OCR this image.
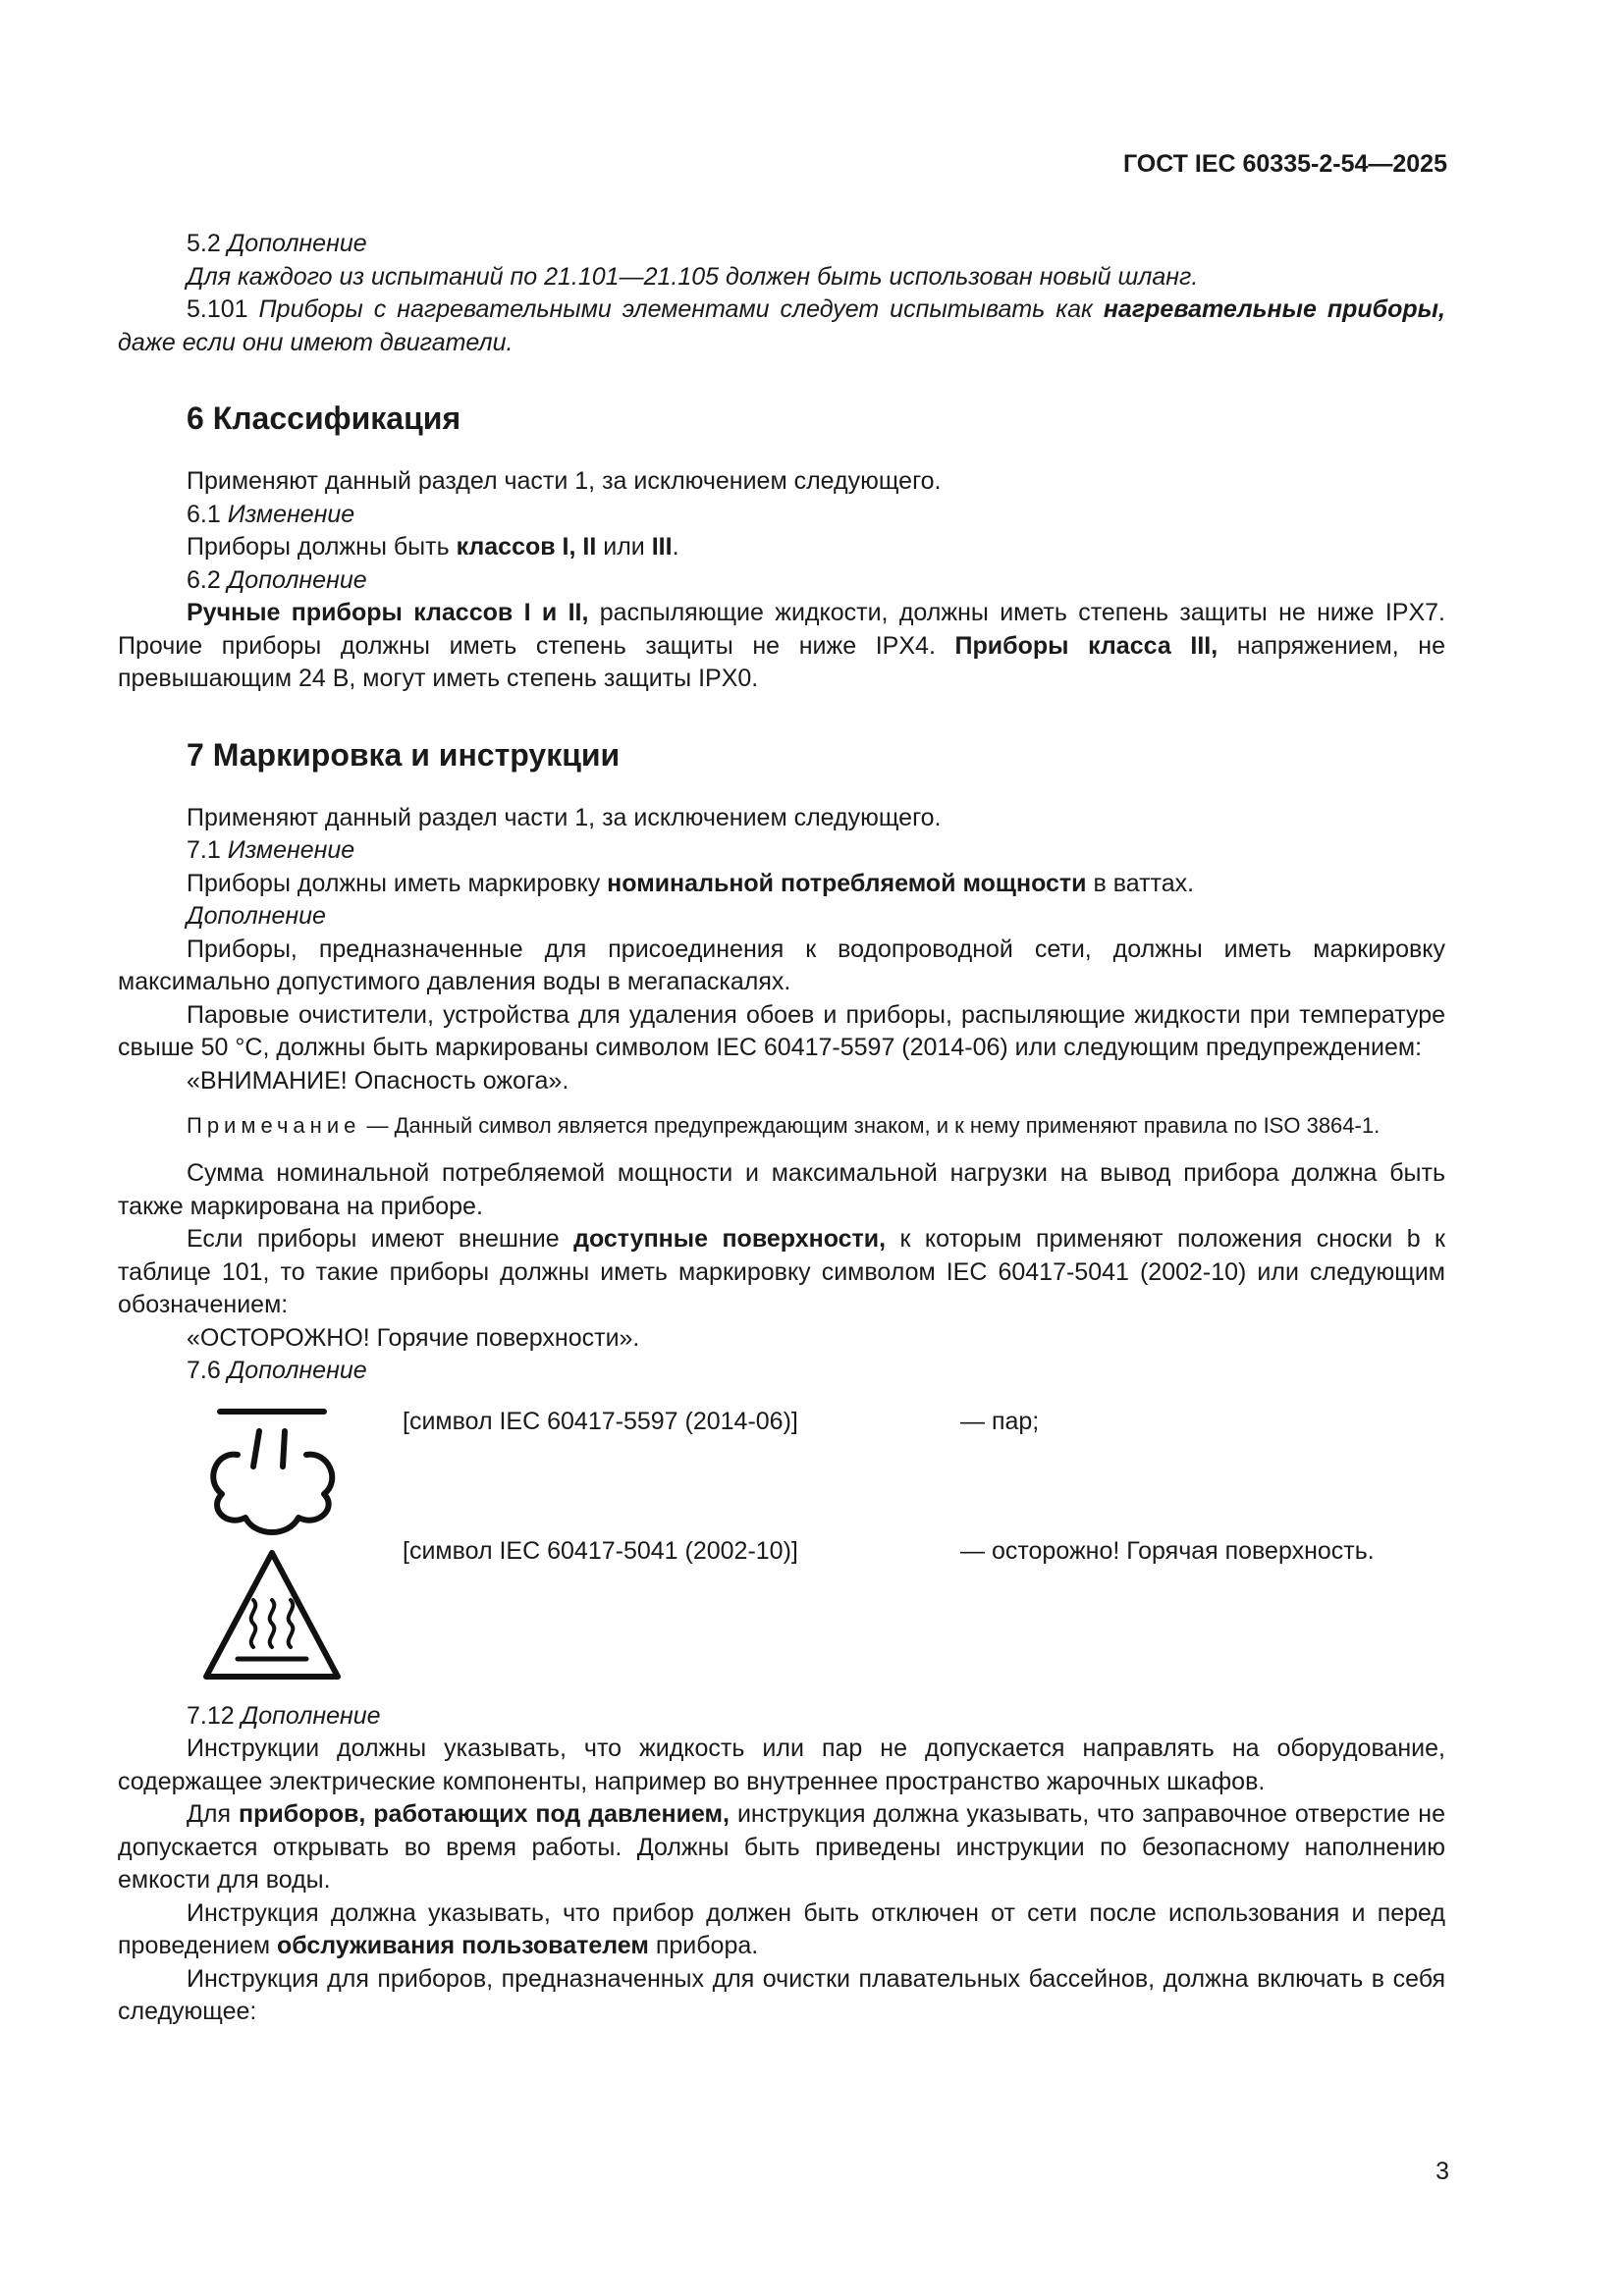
ГОСТ IEC 60335-2-54—2025

5.2 Дополнение

Для каждого из испытаний по 21.101—21.105 должен быть использован новый шланг.

5.101 Приборы с нагревательными элементами следует испытывать как нагревательные приборы, даже если они имеют двигатели.

6 Классификация

Применяют данный раздел части 1, за исключением следующего.

6.1 Изменение

Приборы должны быть классов I, II или III.

6.2 Дополнение

Ручные приборы классов I и II, распыляющие жидкости, должны иметь степень защиты не ниже IPX7. Прочие приборы должны иметь степень защиты не ниже IPX4. Приборы класса III, напряжением, не превышающим 24 В, могут иметь степень защиты IPX0.

7 Маркировка и инструкции

Применяют данный раздел части 1, за исключением следующего.

7.1 Изменение

Приборы должны иметь маркировку номинальной потребляемой мощности в ваттах.

Дополнение

Приборы, предназначенные для присоединения к водопроводной сети, должны иметь маркировку максимально допустимого давления воды в мегапаскалях.

Паровые очистители, устройства для удаления обоев и приборы, распыляющие жидкости при температуре свыше 50 °С, должны быть маркированы символом IEC 60417-5597 (2014-06) или следующим предупреждением:

«ВНИМАНИЕ! Опасность ожога».

Примечание — Данный символ является предупреждающим знаком, и к нему применяют правила по ISO 3864-1.

Сумма номинальной потребляемой мощности и максимальной нагрузки на вывод прибора должна быть также маркирована на приборе.

Если приборы имеют внешние доступные поверхности, к которым применяют положения сноски b к таблице 101, то такие приборы должны иметь маркировку символом IEC 60417-5041 (2002-10) или следующим обозначением:

«ОСТОРОЖНО! Горячие поверхности».

7.6 Дополнение

[символ IEC 60417-5597 (2014-06)]	— пар;
[символ IEC 60417-5041 (2002-10)]	— осторожно! Горячая поверхность.

7.12 Дополнение

Инструкции должны указывать, что жидкость или пар не допускается направлять на оборудование, содержащее электрические компоненты, например во внутреннее пространство жарочных шкафов.

Для приборов, работающих под давлением, инструкция должна указывать, что заправочное отверстие не допускается открывать во время работы. Должны быть приведены инструкции по безопасному наполнению емкости для воды.

Инструкция должна указывать, что прибор должен быть отключен от сети после использования и перед проведением обслуживания пользователем прибора.

Инструкция для приборов, предназначенных для очистки плавательных бассейнов, должна включать в себя следующее:

3
